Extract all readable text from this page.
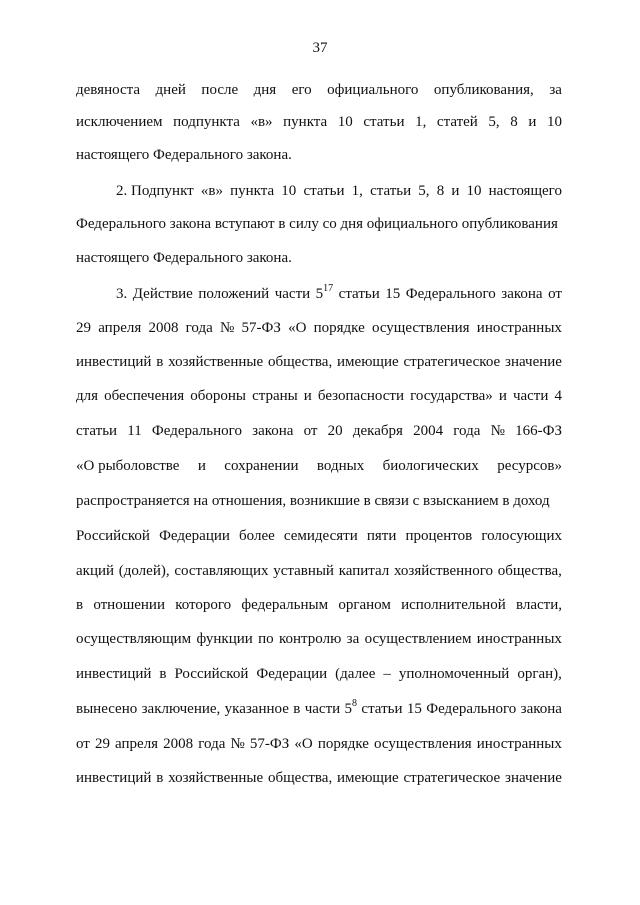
37
девяноста дней после дня его официального опубликования, за
исключением подпункта «в» пункта 10 статьи 1, статей 5, 8 и 10
настоящего Федерального закона.
2. Подпункт «в» пункта 10 статьи 1, статьи 5, 8 и 10 настоящего
Федерального закона вступают в силу со дня официального опубликования
настоящего Федерального закона.
3. Действие положений части $5^{17}$ статьи 15 Федерального закона от
29 апреля 2008 года № 57-ФЗ «О порядке осуществления иностранных
инвестиций в хозяйственные общества, имеющие стратегическое значение
для обеспечения обороны страны и безопасности государства» и части 4
статьи 11 Федерального закона от 20 декабря 2004 года № 166-ФЗ
«О рыболовстве и сохранении водных биологических ресурсов»
распространяется на отношения, возникшие в связи с взысканием в доход
Российской Федерации более семидесяти пяти процентов голосующих
акций (долей), составляющих уставный капитал хозяйственного общества,
в отношении которого федеральным органом исполнительной власти,
осуществляющим функции по контролю за осуществлением иностранных
инвестиций в Российской Федерации (далее – уполномоченный орган),
вынесено заключение, указанное в части $5^8$ статьи 15 Федерального закона
от 29 апреля 2008 года № 57-ФЗ «О порядке осуществления иностранных
инвестиций в хозяйственные общества, имеющие стратегическое значение
